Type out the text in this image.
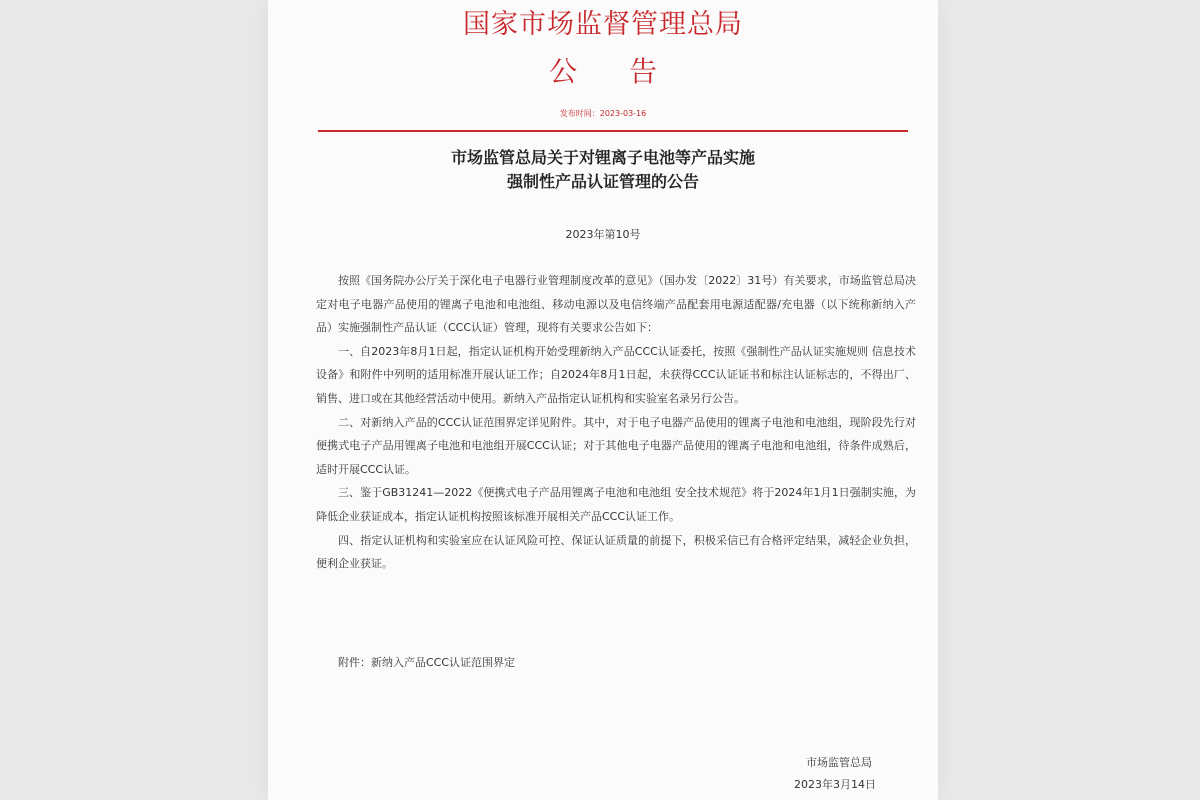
国家市场监督管理总局
公告
发布时间：2023-03-16
市场监管总局关于对锂离子电池等产品实施
强制性产品认证管理的公告
2023年第10号

按照《国务院办公厅关于深化电子电器行业管理制度改革的意见》（国办发〔2022〕31号）有关要求，市场监管总局决定对电子电器产品使用的锂离子电池和电池组、移动电源以及电信终端产品配套用电源适配器/充电器（以下统称新纳入产品）实施强制性产品认证（CCC认证）管理，现将有关要求公告如下：

一、自2023年8月1日起，指定认证机构开始受理新纳入产品CCC认证委托，按照《强制性产品认证实施规则 信息技术设备》和附件中列明的适用标准开展认证工作；自2024年8月1日起，未获得CCC认证证书和标注认证标志的，不得出厂、销售、进口或在其他经营活动中使用。新纳入产品指定认证机构和实验室名录另行公告。

二、对新纳入产品的CCC认证范围界定详见附件。其中，对于电子电器产品使用的锂离子电池和电池组，现阶段先行对便携式电子产品用锂离子电池和电池组开展CCC认证；对于其他电子电器产品使用的锂离子电池和电池组，待条件成熟后，适时开展CCC认证。

三、鉴于GB31241—2022《便携式电子产品用锂离子电池和电池组 安全技术规范》将于2024年1月1日强制实施，为降低企业获证成本，指定认证机构按照该标准开展相关产品CCC认证工作。

四、指定认证机构和实验室应在认证风险可控、保证认证质量的前提下，积极采信已有合格评定结果，减轻企业负担，便利企业获证。

附件：新纳入产品CCC认证范围界定
市场监管总局
2023年3月14日
